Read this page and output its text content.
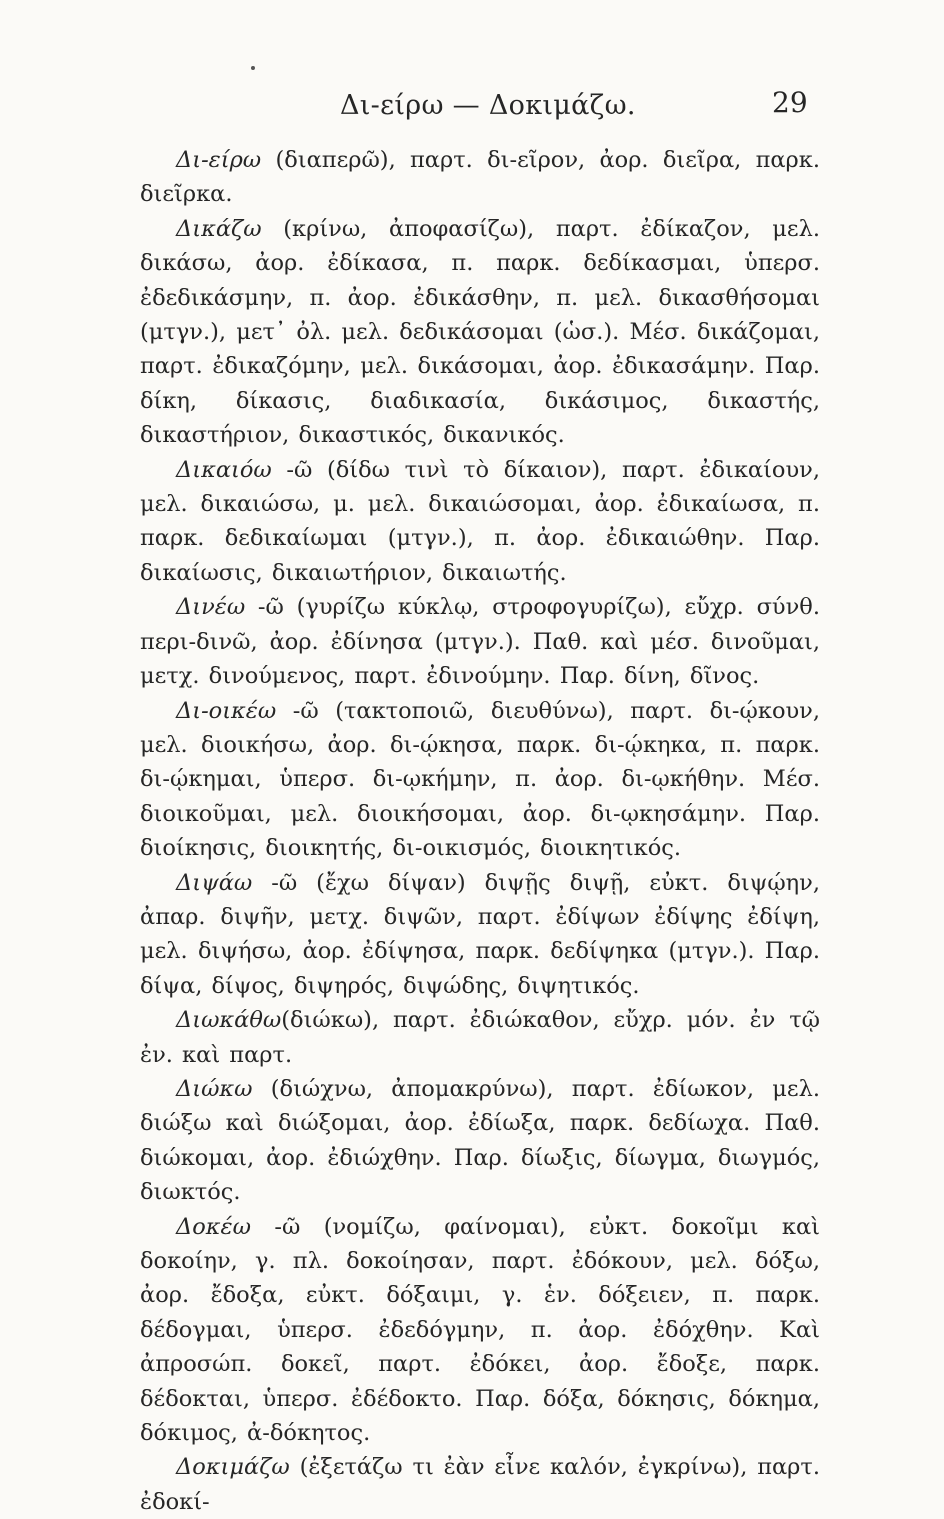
Δι-είρω — Δοκιμάζω.	29

Δι-είρω (διαπερῶ), παρτ. δι-εῖρον, ἀορ. διεῖρα, παρκ. διεῖρκα.

Δικάζω (κρίνω, ἀποφασίζω), παρτ. ἐδίκαζον, μελ. δικάσω, ἀορ. ἐδίκασα, π. παρκ. δεδίκασμαι, ὑπερσ. ἐδεδικάσμην, π. ἀορ. ἐδικάσθην, π. μελ. δικασθήσομαι (μτγν.), μετ᾽ ὀλ. μελ. δεδικάσομαι (ὡσ.). Μέσ. δικάζομαι, παρτ. ἐδικαζόμην, μελ. δικάσομαι, ἀορ. ἐδικασάμην. Παρ. δίκη, δίκασις, διαδικασία, δικάσιμος, δικαστής, δικαστήριον, δικαστικός, δικανικός.

Δικαιόω -ῶ (δίδω τινὶ τὸ δίκαιον), παρτ. ἐδικαίουν, μελ. δικαιώσω, μ. μελ. δικαιώσομαι, ἀορ. ἐδικαίωσα, π. παρκ. δεδικαίωμαι (μτγν.), π. ἀορ. ἐδικαιώθην. Παρ. δικαίωσις, δικαιωτήριον, δικαιωτής.

Δινέω -ῶ (γυρίζω κύκλῳ, στροφογυρίζω), εὔχρ. σύνθ. περι-δινῶ, ἀορ. ἐδίνησα (μτγν.). Παθ. καὶ μέσ. δινοῦμαι, μετχ. δινούμενος, παρτ. ἐδινούμην. Παρ. δίνη, δῖνος.

Δι-οικέω -ῶ (τακτοποιῶ, διευθύνω), παρτ. δι-ῴκουν, μελ. διοικήσω, ἀορ. δι-ῴκησα, παρκ. δι-ῴκηκα, π. παρκ. δι-ῴκημαι, ὑπερσ. δι-ῳκήμην, π. ἀορ. δι-ῳκήθην. Μέσ. διοικοῦμαι, μελ. διοικήσομαι, ἀορ. δι-ῳκησάμην. Παρ. διοίκησις, διοικητής, δι-οικισμός, διοικητικός.

Διψάω -ῶ (ἔχω δίψαν) διψῇς διψῇ, εὐκτ. διψῴην, ἀπαρ. διψῆν, μετχ. διψῶν, παρτ. ἐδίψων ἐδίψης ἐδίψη, μελ. διψήσω, ἀορ. ἐδίψησα, παρκ. δεδίψηκα (μτγν.). Παρ. δίψα, δίψος, διψηρός, διψώδης, διψητικός.

Διωκάθω(διώκω), παρτ. ἐδιώκαθον, εὔχρ. μόν. ἐν τῷ ἐν. καὶ παρτ.

Διώκω (διώχνω, ἀπομακρύνω), παρτ. ἐδίωκον, μελ. διώξω καὶ διώξομαι, ἀορ. ἐδίωξα, παρκ. δεδίωχα. Παθ. διώκομαι, ἀορ. ἐδιώχθην. Παρ. δίωξις, δίωγμα, διωγμός, διωκτός.

Δοκέω -ῶ (νομίζω, φαίνομαι), εὐκτ. δοκοῖμι καὶ δοκοίην, γ. πλ. δοκοίησαν, παρτ. ἐδόκουν, μελ. δόξω, ἀορ. ἔδοξα, εὐκτ. δόξαιμι, γ. ἑν. δόξειεν, π. παρκ. δέδογμαι, ὑπερσ. ἐδεδόγμην, π. ἀορ. ἐδόχθην. Καὶ ἀπροσώπ. δοκεῖ, παρτ. ἐδόκει, ἀορ. ἔδοξε, παρκ. δέδοκται, ὑπερσ. ἐδέδοκτο. Παρ. δόξα, δόκησις, δόκημα, δόκιμος, ἀ-δόκητος.

Δοκιμάζω (ἐξετάζω τι ἐὰν εἶνε καλόν, ἐγκρίνω), παρτ. ἐδοκί-
